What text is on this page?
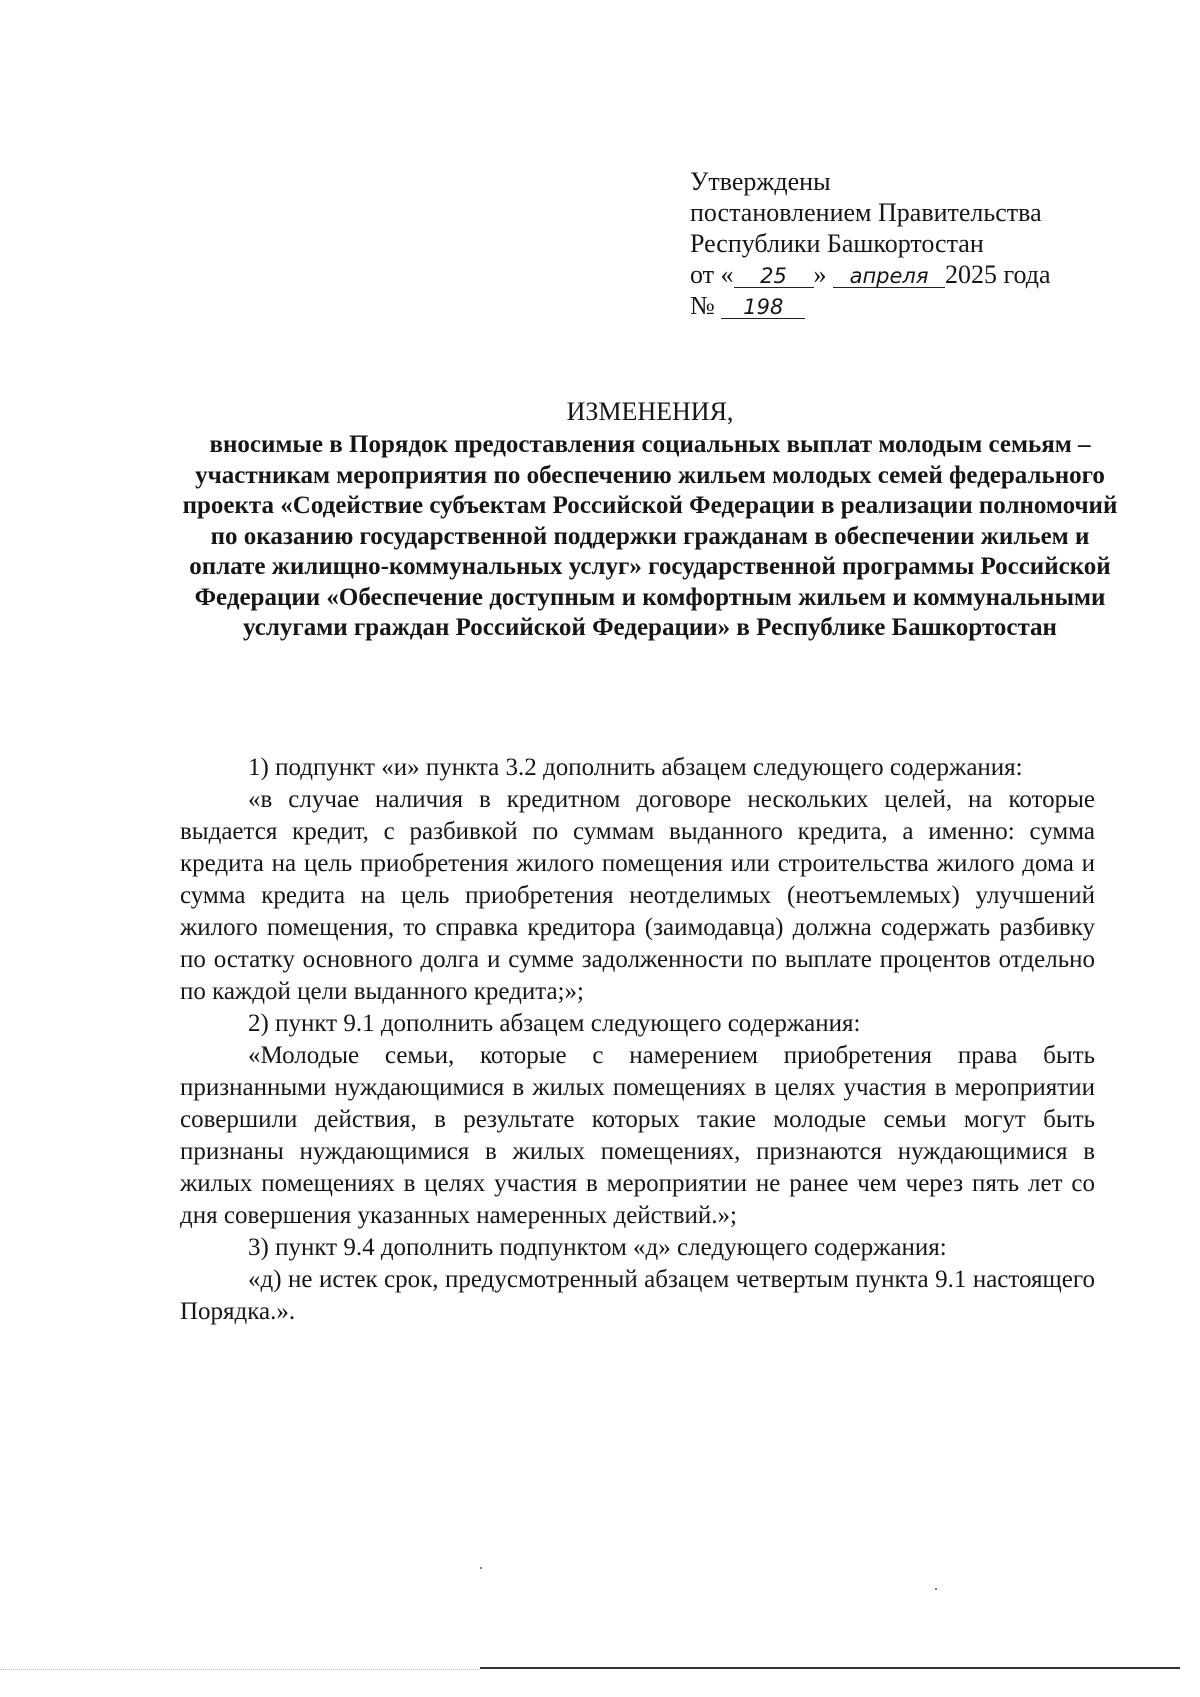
Утверждены
постановлением Правительства
Республики Башкортостан
от « 25 » апреля 2025 года
№ 198
ИЗМЕНЕНИЯ,
вносимые в Порядок предоставления социальных выплат молодым семьям – участникам мероприятия по обеспечению жильем молодых семей федерального проекта «Содействие субъектам Российской Федерации в реализации полномочий по оказанию государственной поддержки гражданам в обеспечении жильем и оплате жилищно-коммунальных услуг» государственной программы Российской Федерации «Обеспечение доступным и комфортным жильем и коммунальными услугами граждан Российской Федерации» в Республике Башкортостан

1) подпункт «и» пункта 3.2 дополнить абзацем следующего содержания:

«в случае наличия в кредитном договоре нескольких целей, на которые выдается кредит, с разбивкой по суммам выданного кредита, а именно: сумма кредита на цель приобретения жилого помещения или строительства жилого дома и сумма кредита на цель приобретения неотделимых (неотъемлемых) улучшений жилого помещения, то справка кредитора (заимодавца) должна содержать разбивку по остатку основного долга и сумме задолженности по выплате процентов отдельно по каждой цели выданного кредита;»;

2) пункт 9.1 дополнить абзацем следующего содержания:

«Молодые семьи, которые с намерением приобретения права быть признанными нуждающимися в жилых помещениях в целях участия в мероприятии совершили действия, в результате которых такие молодые семьи могут быть признаны нуждающимися в жилых помещениях, признаются нуждающимися в жилых помещениях в целях участия в мероприятии не ранее чем через пять лет со дня совершения указанных намеренных действий.»;

3) пункт 9.4 дополнить подпунктом «д» следующего содержания:

«д) не истек срок, предусмотренный абзацем четвертым пункта 9.1 настоящего Порядка.».
